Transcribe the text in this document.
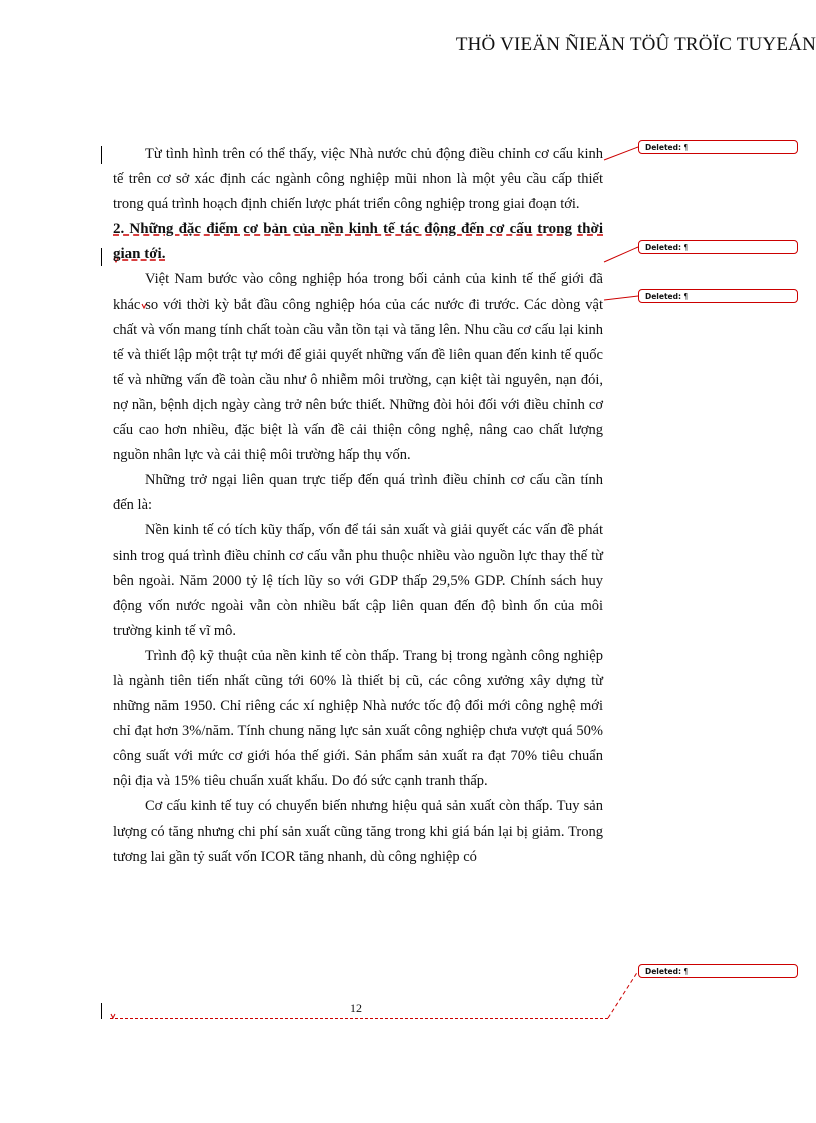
THÖ VIEÄN ÑIEÄN TÖÛ TRÖÏC TUYEÁN
Deleted: ¶
Deleted: ¶
Deleted: ¶
Deleted: ¶

Từ tình hình trên có thể thấy, việc Nhà nước chủ động điều chỉnh cơ cấu kinh tế trên cơ sở xác định các ngành công nghiệp mũi nhon là một yêu cầu cấp thiết trong quá trình hoạch định chiến lược phát triển công nghiệp trong giai đoạn tới.

2. Những đặc điểm cơ bản của nền kinh tế tác động đến cơ cấu trong thời gian tới.

Việt Nam bước vào công nghiệp hóa trong bối cảnh của kinh tế thế giới đã khác so với thời kỳ bắt đầu công nghiệp hóa của các nước đi trước. Các dòng vật chất và vốn mang tính chất toàn cầu vẫn tồn tại và tăng lên. Nhu cầu cơ cấu lại kinh tế và thiết lập một trật tự mới để giải quyết những vấn đề liên quan đến kinh tế quốc tế và những vấn đề toàn cầu như ô nhiễm môi trường, cạn kiệt tài nguyên, nạn đói, nợ nần, bệnh dịch ngày càng trở nên bức thiết. Những đòi hỏi đối với điều chỉnh cơ cấu cao hơn nhiều, đặc biệt là vấn đề cải thiện công nghệ, nâng cao chất lượng nguồn nhân lực và cải thiệ môi trường hấp thụ vốn.

Những trở ngại liên quan trực tiếp đến quá trình điều chỉnh cơ cấu cần tính đến là:

Nền kinh tế có tích kũy thấp, vốn để tái sản xuất và giải quyết các vấn đề phát sinh trog quá trình điều chỉnh cơ cấu vẫn phu thuộc nhiều vào nguồn lực thay thế từ bên ngoài. Năm 2000 tỷ lệ tích lũy so với GDP thấp 29,5% GDP. Chính sách huy động vốn nước ngoài vẫn còn nhiều bất cập liên quan đến độ bình ổn của môi trường kinh tế vĩ mô.

Trình độ kỹ thuật của nền kinh tế còn thấp. Trang bị trong ngành công nghiệp là ngành tiên tiến nhất cũng tới 60% là thiết bị cũ, các công xưởng xây dựng từ những năm 1950. Chỉ riêng các xí nghiệp Nhà nước tốc độ đổi mới công nghệ mới chỉ đạt hơn 3%/năm. Tính chung năng lực sản xuất công nghiệp chưa vượt quá 50% công suất với mức cơ giới hóa thế giới. Sản phẩm sản xuất ra đạt 70% tiêu chuẩn nội địa và 15% tiêu chuẩn xuất khẩu. Do đó sức cạnh tranh thấp.

Cơ cấu kinh tế tuy có chuyển biến nhưng hiệu quả sản xuất còn thấp. Tuy sản lượng có tăng nhưng chi phí sản xuất cũng tăng trong khi giá bán lại bị giảm. Trong tương lai gần tỷ suất vốn ICOR tăng nhanh, dù công nghiệp có

12
